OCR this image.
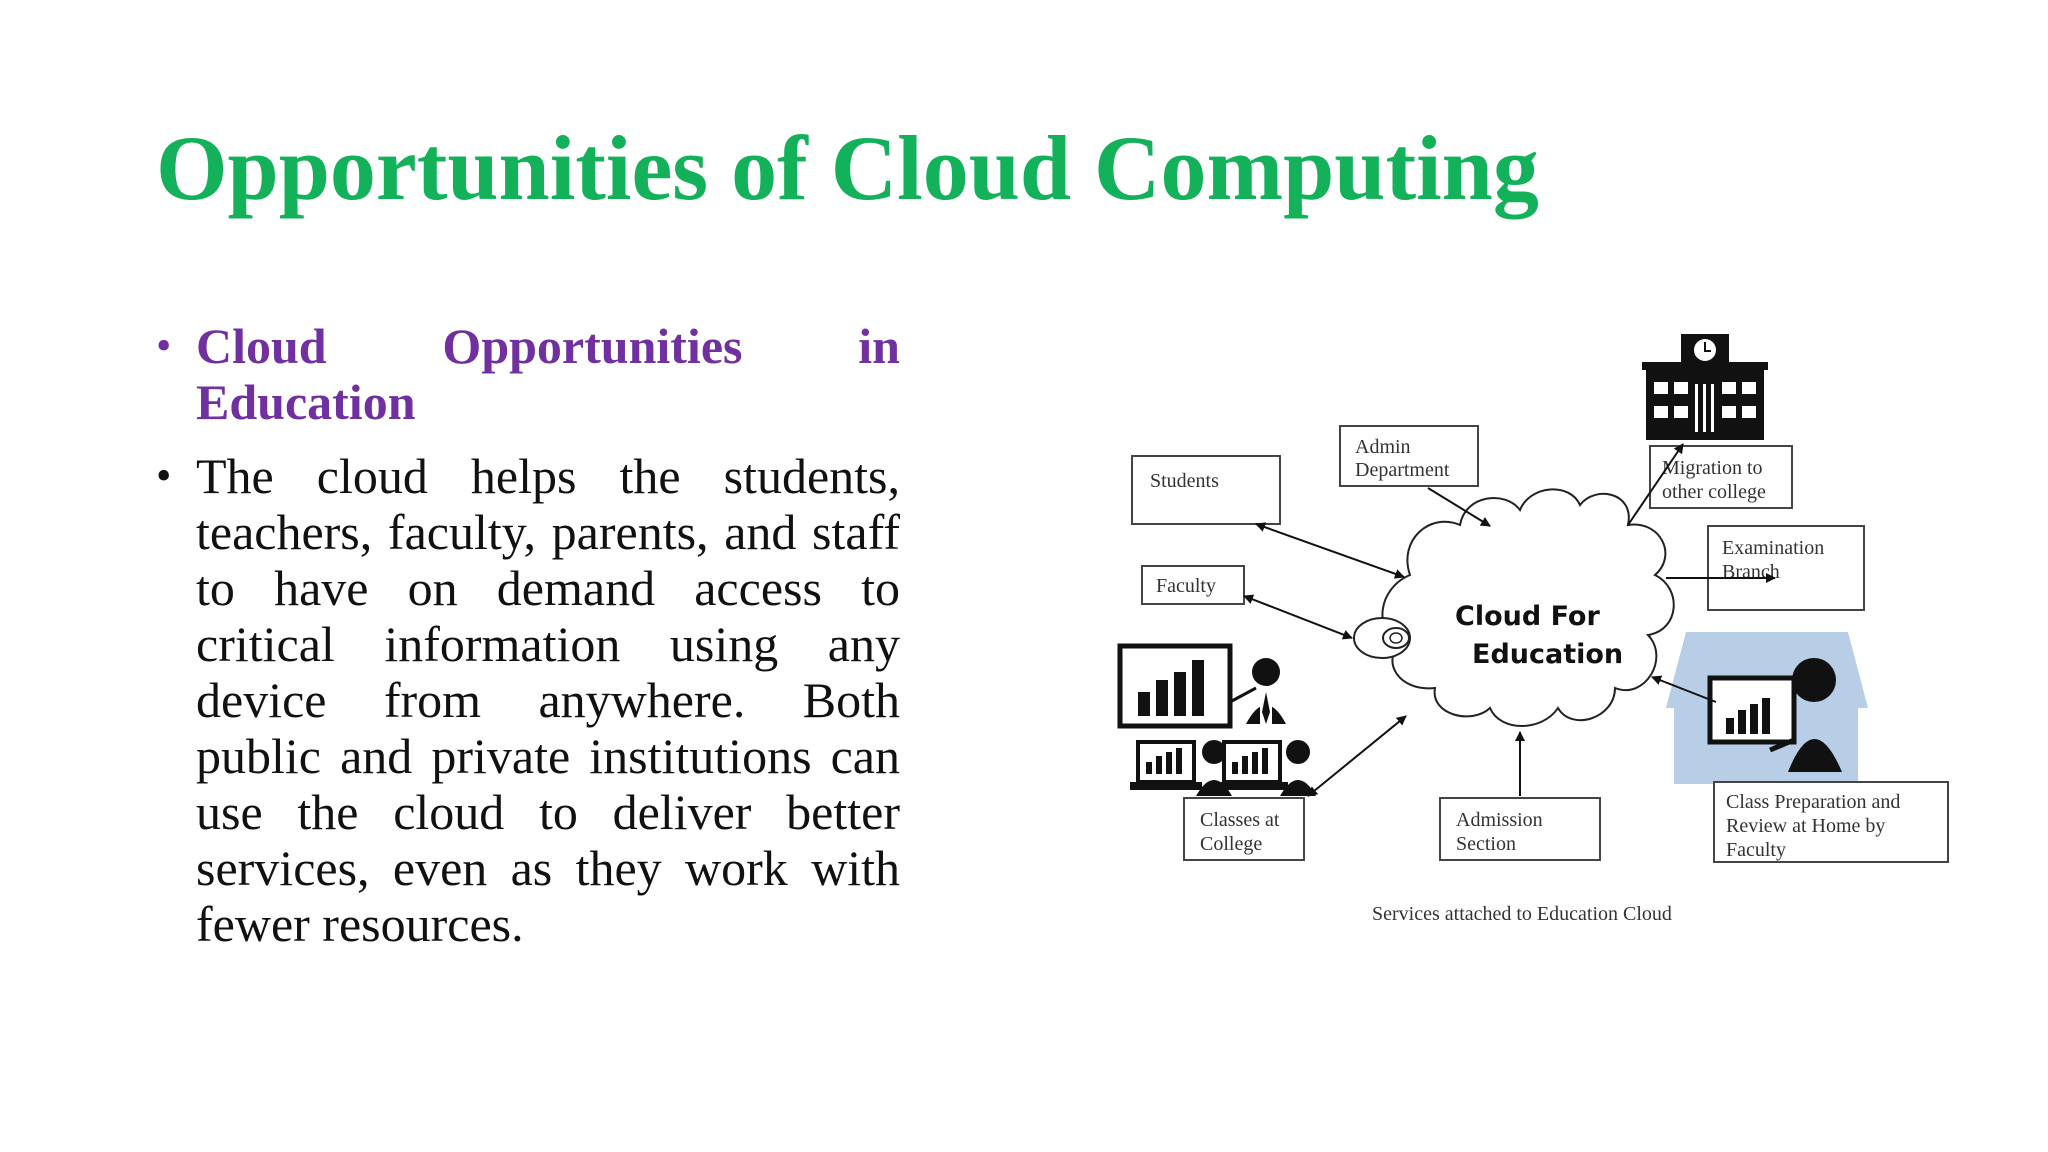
Opportunities of Cloud Computing
• Cloud Opportunities in Education
• The cloud helps the students, teachers, faculty, parents, and staff to have on demand access to critical information using any device from anywhere. Both public and private institutions can use the cloud to deliver better services, even as they work with fewer resources.
Cloud For
Education
Students
Admin
Department	Migration to
other college
Examination
Branch
Faculty
Classes at
College
Admission
Section
Class Preparation and
Review at Home by
Faculty
Services attached to Education Cloud
